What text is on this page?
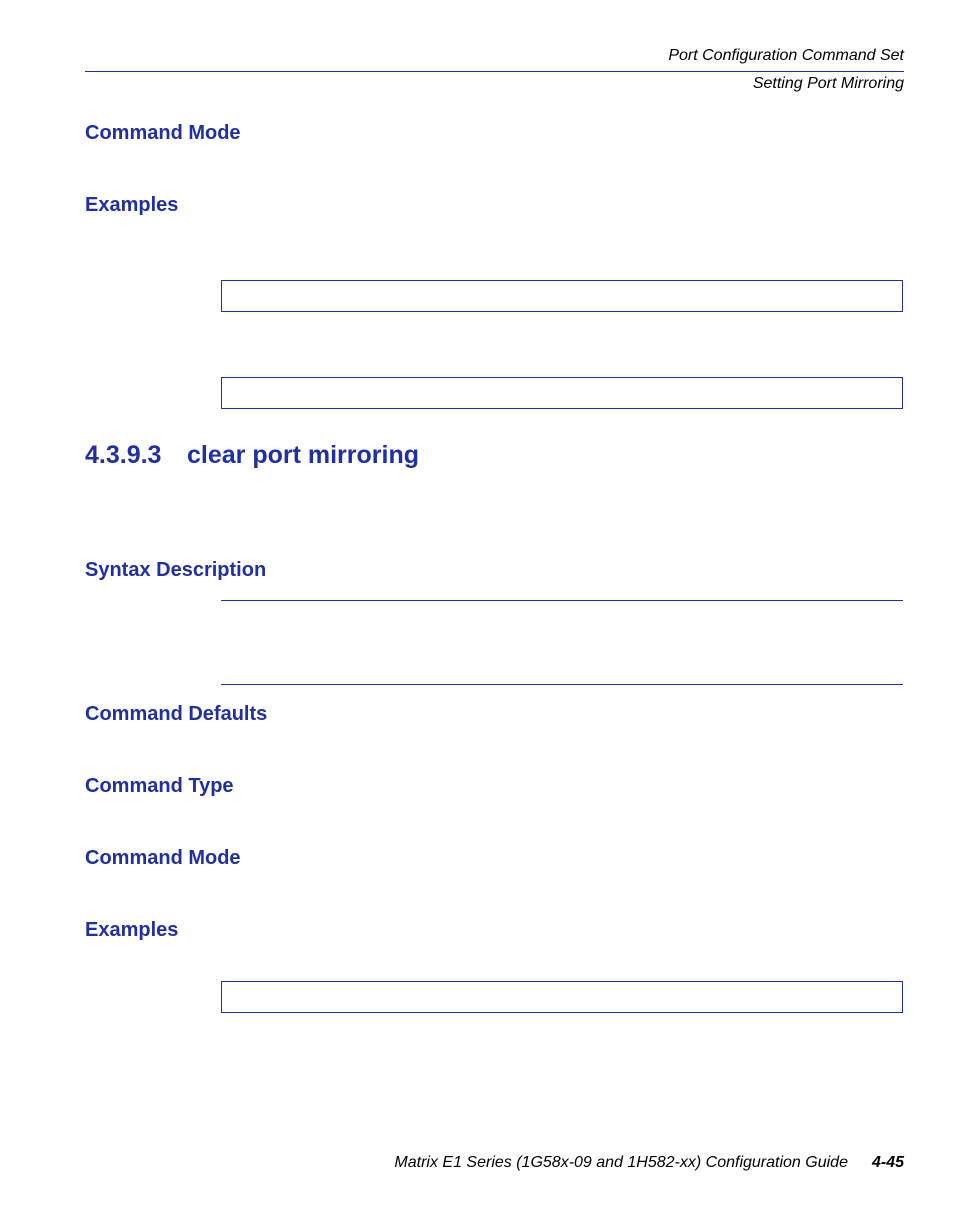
Port Configuration Command Set
Setting Port Mirroring
Command Mode
Examples
4.3.9.3 clear port mirroring
Syntax Description
Command Defaults
Command Type
Command Mode
Examples
Matrix E1 Series (1G58x-09 and 1H582-xx) Configuration Guide 4-45
